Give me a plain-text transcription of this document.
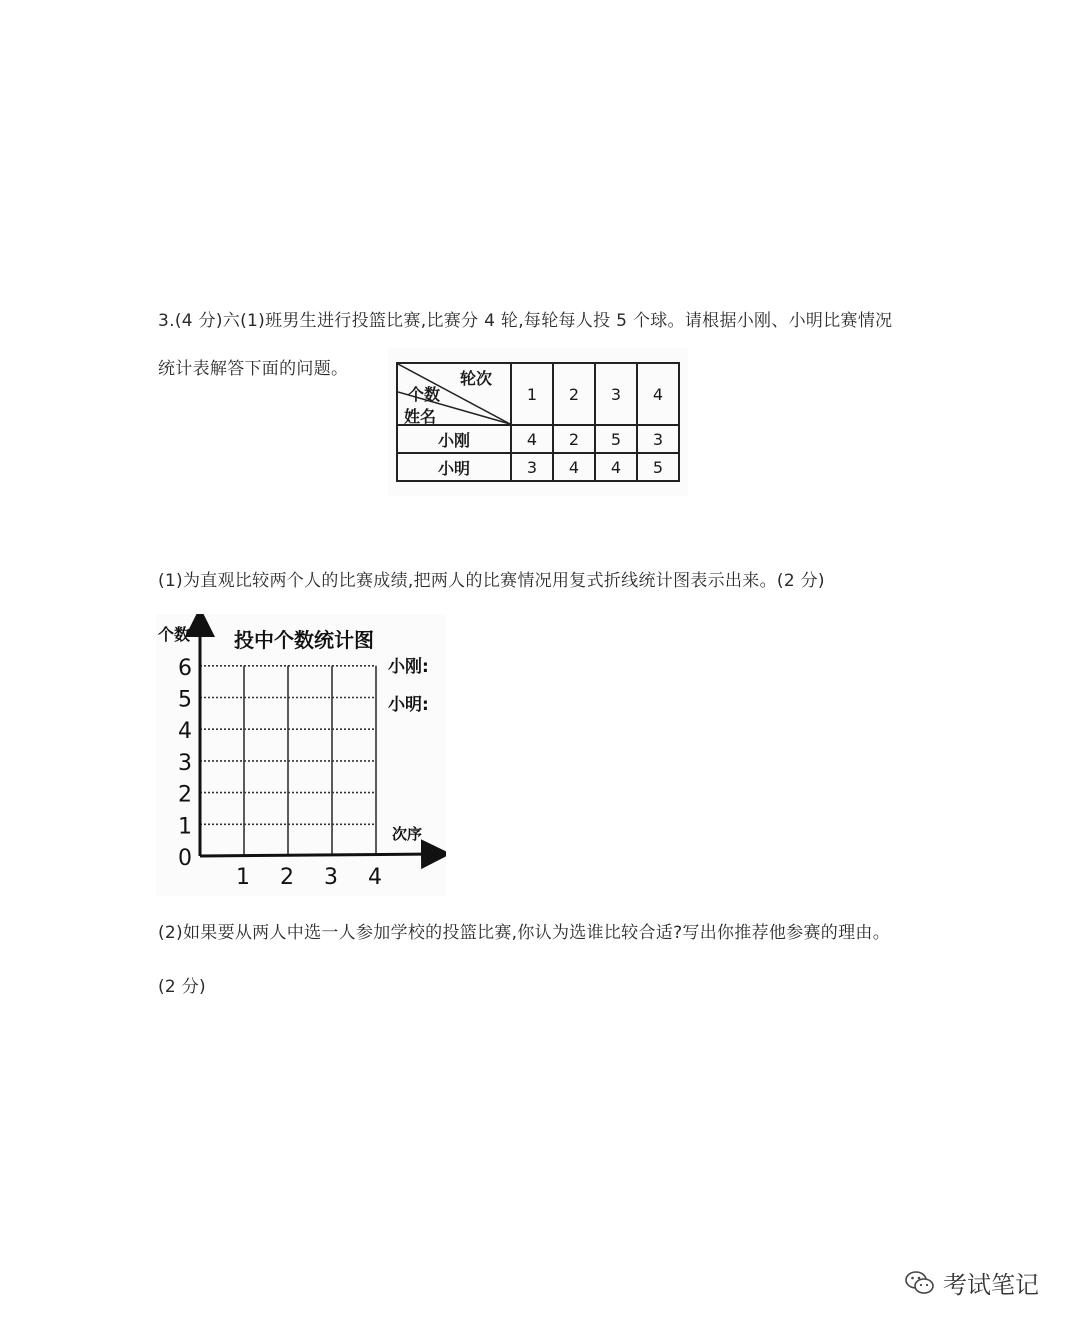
3.(4 分)六(1)班男生进行投篮比赛,比赛分 4 轮,每轮每人投 5 个球。请根据小刚、小明比赛情况
统计表解答下面的问题。	轮次
个数
姓名	1	2	3	4
小刚	4	2	5	3
小明	3	4	4	5
(1)为直观比较两个人的比赛成绩,把两人的比赛情况用复式折线统计图表示出来。(2 分)
个数 投中个数统计图
小刚:
小明:
次序
0
1
2
3
4
5
6
1 2 3 4
(2)如果要从两人中选一人参加学校的投篮比赛,你认为选谁比较合适?写出你推荐他参赛的理由。
(2 分)
考试笔记
